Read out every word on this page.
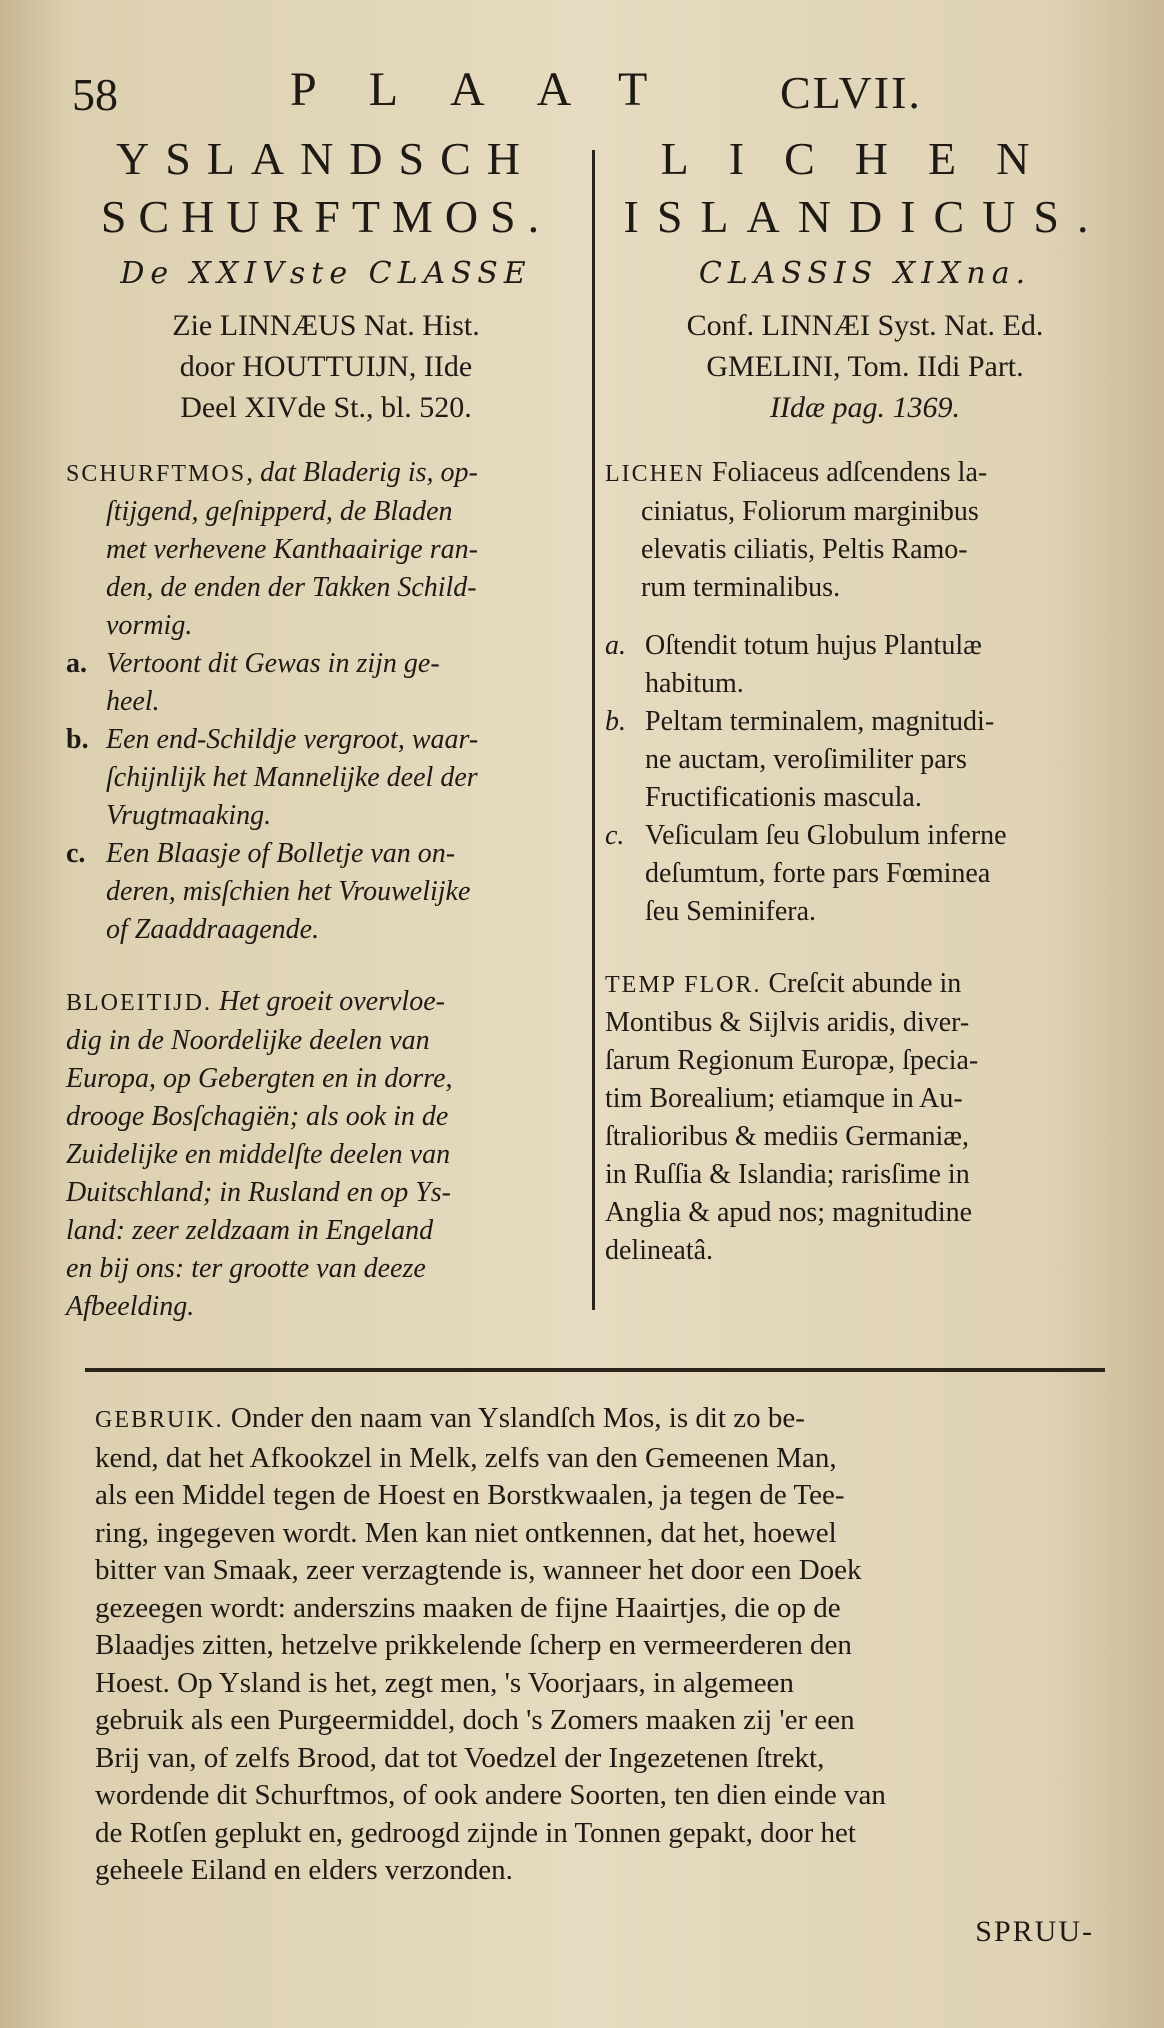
58	PLAAT CLVII.
YSLANDSCH
SCHURFTMOS.
De XXIVste CLASSE
Zie LINNÆUS Nat. Hist.
door HOUTTUIJN, IIde
Deel XIVde St., bl. 520.
SCHURFTMOS, dat Bladerig is, op-
ſtijgend, geſnipperd, de Bladen
met verhevene Kanthaairige ran-
den, de enden der Takken Schild-
vormig.
a. Vertoont dit Gewas in zijn ge-
heel.
b. Een end-Schildje vergroot, waar-
ſchijnlijk het Mannelijke deel der
Vrugtmaaking.
c. Een Blaasje of Bolletje van on-
deren, misſchien het Vrouwelijke
of Zaaddraagende.
BLOEITIJD. Het groeit overvloe-
dig in de Noordelijke deelen van
Europa, op Gebergten en in dorre,
drooge Bosſchagiën; als ook in de
Zuidelijke en middelſte deelen van
Duitschland; in Rusland en op Ys-
land: zeer zeldzaam in Engeland
en bij ons: ter grootte van deeze
Afbeelding.
LICHEN
ISLANDICUS.
CLASSIS XIXna.
Conf. LINNÆI Syst. Nat. Ed.
GMELINI, Tom. IIdi Part.
IIdæ pag. 1369.
LICHEN Foliaceus adſcendens la-
ciniatus, Foliorum marginibus
elevatis ciliatis, Peltis Ramo-
rum terminalibus.
a. Oſtendit totum hujus Plantulæ
habitum.
b. Peltam terminalem, magnitudi-
ne auctam, veroſimiliter pars
Fructificationis mascula.
c. Veſiculam ſeu Globulum inferne
deſumtum, forte pars Fœminea
ſeu Seminifera.
TEMP FLOR. Creſcit abunde in
Montibus & Sijlvis aridis, diver-
ſarum Regionum Europæ, ſpecia-
tim Borealium; etiamque in Au-
ſtralioribus & mediis Germaniæ,
in Ruſſia & Islandia; rarisſime in
Anglia & apud nos; magnitudine
delineatâ.
GEBRUIK. Onder den naam van Yslandſch Mos, is dit zo be-
kend, dat het Afkookzel in Melk, zelfs van den Gemeenen Man,
als een Middel tegen de Hoest en Borstkwaalen, ja tegen de Tee-
ring, ingegeven wordt. Men kan niet ontkennen, dat het, hoewel
bitter van Smaak, zeer verzagtende is, wanneer het door een Doek
gezeegen wordt: anderszins maaken de fijne Haairtjes, die op de
Blaadjes zitten, hetzelve prikkelende ſcherp en vermeerderen den
Hoest. Op Ysland is het, zegt men, 's Voorjaars, in algemeen
gebruik als een Purgeermiddel, doch 's Zomers maaken zij 'er een
Brij van, of zelfs Brood, dat tot Voedzel der Ingezetenen ſtrekt,
wordende dit Schurftmos, of ook andere Soorten, ten dien einde van
de Rotſen geplukt en, gedroogd zijnde in Tonnen gepakt, door het
geheele Eiland en elders verzonden.
SPRUU-
